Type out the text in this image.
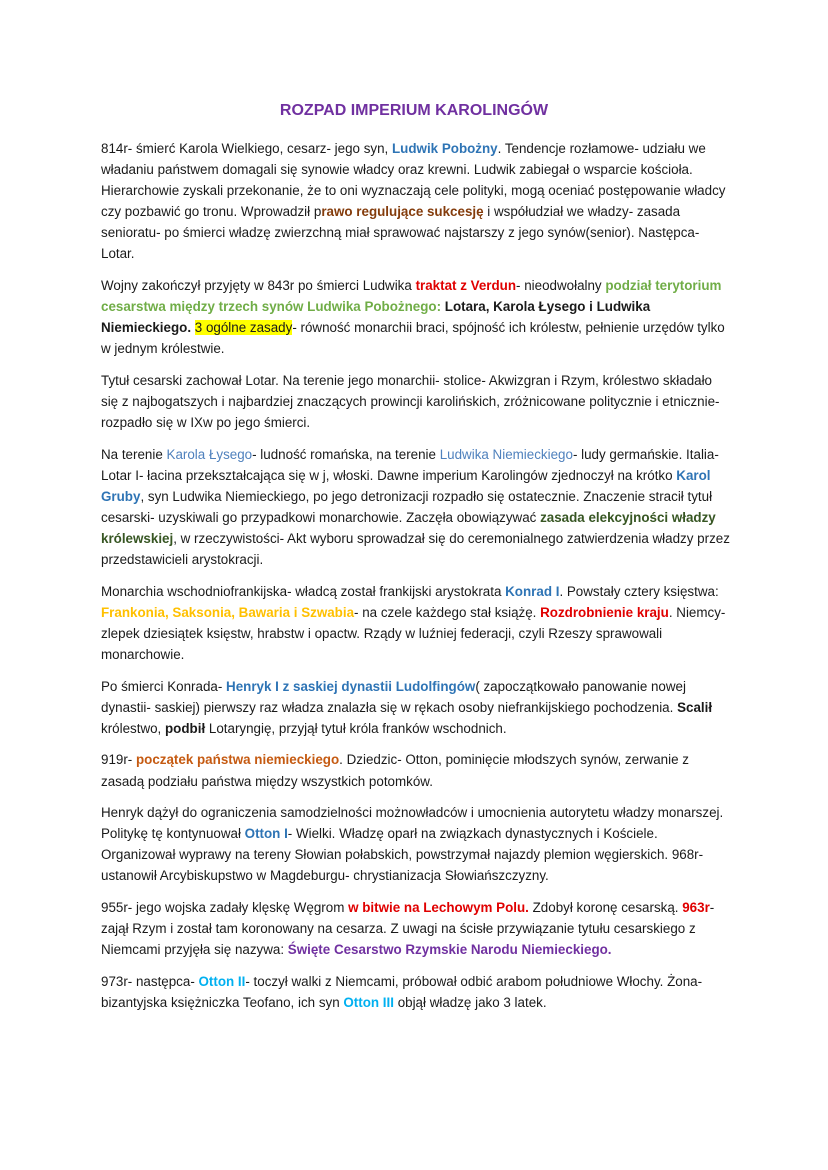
ROZPAD IMPERIUM KAROLINGÓW

814r- śmierć Karola Wielkiego, cesarz- jego syn, Ludwik Pobożny. Tendencje rozłamowe- udziału we władaniu państwem domagali się synowie władcy oraz krewni. Ludwik zabiegał o wsparcie kościoła. Hierarchowie zyskali przekonanie, że to oni wyznaczają cele polityki, mogą oceniać postępowanie władcy czy pozbawić go tronu. Wprowadził prawo regulujące sukcesję i współudział we władzy- zasada senioratu- po śmierci władzę zwierzchną miał sprawować najstarszy z jego synów(senior). Następca- Lotar.

Wojny zakończył przyjęty w 843r po śmierci Ludwika traktat z Verdun- nieodwołalny podział terytorium cesarstwa między trzech synów Ludwika Pobożnego: Lotara, Karola Łysego i Ludwika Niemieckiego. 3 ogólne zasady- równość monarchii braci, spójność ich królestw, pełnienie urzędów tylko w jednym królestwie.

Tytuł cesarski zachował Lotar. Na terenie jego monarchii- stolice- Akwizgran i Rzym, królestwo składało się z najbogatszych i najbardziej znaczących prowincji karolińskich, zróżnicowane politycznie i etnicznie- rozpadło się w IXw po jego śmierci.

Na terenie Karola Łysego- ludność romańska, na terenie Ludwika Niemieckiego- ludy germańskie. Italia- Lotar I- łacina przekształcająca się w j, włoski. Dawne imperium Karolingów zjednoczył na krótko Karol Gruby, syn Ludwika Niemieckiego, po jego detronizacji rozpadło się ostatecznie. Znaczenie stracił tytuł cesarski- uzyskiwali go przypadkowi monarchowie. Zaczęła obowiązywać zasada elekcyjności władzy królewskiej, w rzeczywistości- Akt wyboru sprowadzał się do ceremonialnego zatwierdzenia władzy przez przedstawicieli arystokracji.

Monarchia wschodniofrankijska- władcą został frankijski arystokrata Konrad I. Powstały cztery księstwa: Frankonia, Saksonia, Bawaria i Szwabia- na czele każdego stał książę. Rozdrobnienie kraju. Niemcy- zlepek dziesiątek księstw, hrabstw i opactw. Rządy w luźniej federacji, czyli Rzeszy sprawowali monarchowie.

Po śmierci Konrada- Henryk I z saskiej dynastii Ludolfingów( zapoczątkowało panowanie nowej dynastii- saskiej) pierwszy raz władza znalazła się w rękach osoby niefrankijskiego pochodzenia. Scalił królestwo, podbił Lotaryngię, przyjął tytuł króla franków wschodnich.

919r- początek państwa niemieckiego. Dziedzic- Otton, pominięcie młodszych synów, zerwanie z zasadą podziału państwa między wszystkich potomków.

Henryk dążył do ograniczenia samodzielności możnowładców i umocnienia autorytetu władzy monarszej. Politykę tę kontynuował Otton I- Wielki. Władzę oparł na związkach dynastycznych i Kościele. Organizował wyprawy na tereny Słowian połabskich, powstrzymał najazdy plemion węgierskich. 968r- ustanowił Arcybiskupstwo w Magdeburgu- chrystianizacja Słowiańszczyzny.

955r- jego wojska zadały klęskę Węgrom w bitwie na Lechowym Polu. Zdobył koronę cesarską. 963r- zajął Rzym i został tam koronowany na cesarza. Z uwagi na ścisłe przywiązanie tytułu cesarskiego z Niemcami przyjęła się nazywa: Święte Cesarstwo Rzymskie Narodu Niemieckiego.

973r- następca- Otton II- toczył walki z Niemcami, próbował odbić arabom południowe Włochy. Żona-bizantyjska księżniczka Teofano, ich syn Otton III objął władzę jako 3 latek.
